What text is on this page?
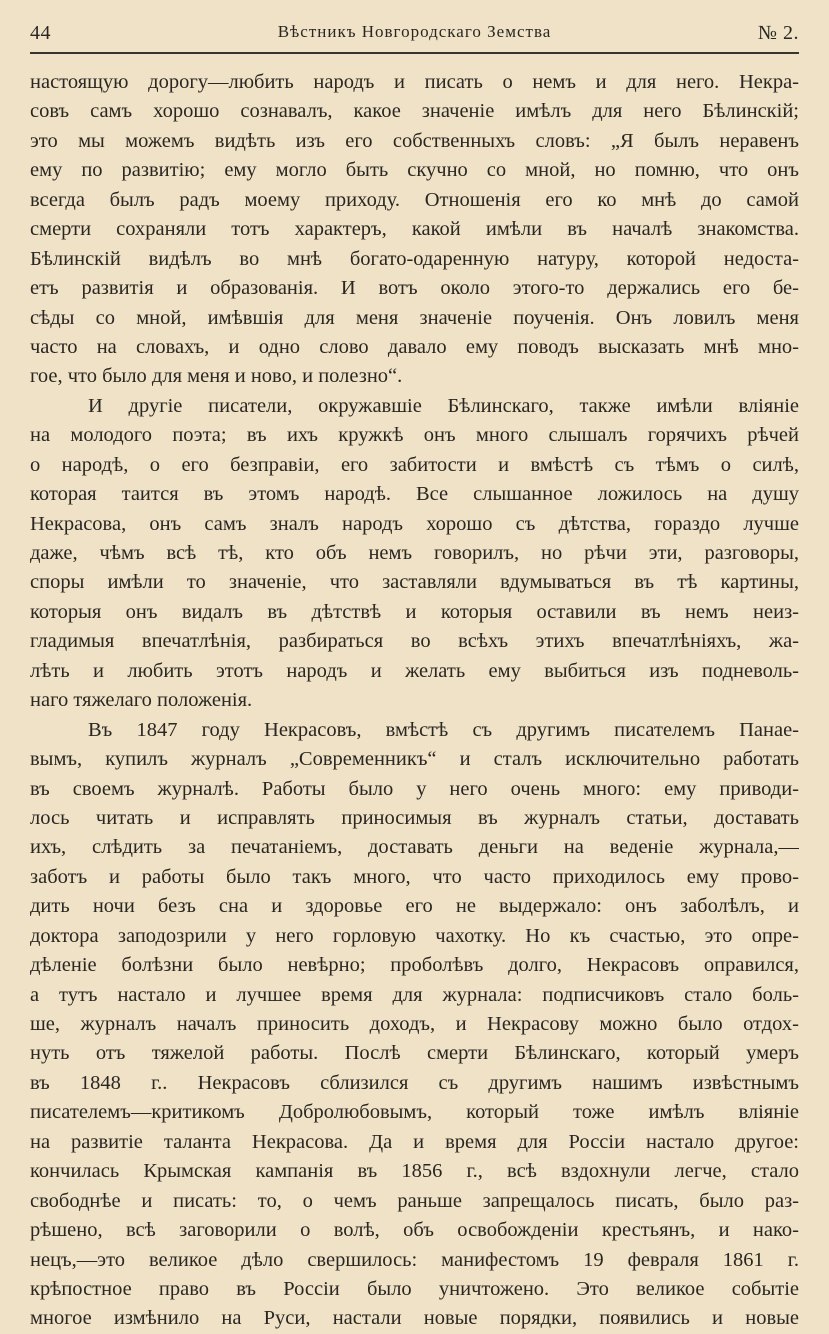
44	Вѣстникъ Новгородскаго Земства	№ 2.
настоящую дорогу—любить народъ и писать о немъ и для него. Некра-
совъ самъ хорошо сознавалъ, какое значеніе имѣлъ для него Бѣлинскій;
это мы можемъ видѣть изъ его собственныхъ словъ: „Я былъ неравенъ
ему по развитію; ему могло быть скучно со мной, но помню, что онъ
всегда былъ радъ моему приходу. Отношенія его ко мнѣ до самой
смерти сохраняли тотъ характеръ, какой имѣли въ началѣ знакомства.
Бѣлинскій видѣлъ во мнѣ богато-одаренную натуру, которой недоста-
етъ развитія и образованія. И вотъ около этого-то держались его бе-
сѣды со мной, имѣвшія для меня значеніе поученія. Онъ ловилъ меня
часто на словахъ, и одно слово давало ему поводъ высказать мнѣ мно-
гое, что было для меня и ново, и полезно“.
И другіе писатели, окружавшіе Бѣлинскаго, также имѣли вліяніе
на молодого поэта; въ ихъ кружкѣ онъ много слышалъ горячихъ рѣчей
о народѣ, о его безправіи, его забитости и вмѣстѣ съ тѣмъ о силѣ,
которая таится въ этомъ народѣ. Все слышанное ложилось на душу
Некрасова, онъ самъ зналъ народъ хорошо съ дѣтства, гораздо лучше
даже, чѣмъ всѣ тѣ, кто объ немъ говорилъ, но рѣчи эти, разговоры,
споры имѣли то значеніе, что заставляли вдумываться въ тѣ картины,
которыя онъ видалъ въ дѣтствѣ и которыя оставили въ немъ неиз-
гладимыя впечатлѣнія, разбираться во всѣхъ этихъ впечатлѣніяхъ, жа-
лѣть и любить этотъ народъ и желать ему выбиться изъ подневоль-
наго тяжелаго положенія.
Въ 1847 году Некрасовъ, вмѣстѣ съ другимъ писателемъ Панае-
вымъ, купилъ журналъ „Современникъ“ и сталъ исключительно работать
въ своемъ журналѣ. Работы было у него очень много: ему приводи-
лось читать и исправлять приносимыя въ журналъ статьи, доставать
ихъ, слѣдить за печатаніемъ, доставать деньги на веденіе журнала,—
заботъ и работы было такъ много, что часто приходилось ему прово-
дить ночи безъ сна и здоровье его не выдержало: онъ заболѣлъ, и
доктора заподозрили у него горловую чахотку. Но къ счастью, это опре-
дѣленіе болѣзни было невѣрно; проболѣвъ долго, Некрасовъ оправился,
а тутъ настало и лучшее время для журнала: подписчиковъ стало боль-
ше, журналъ началъ приносить доходъ, и Некрасову можно было отдох-
нуть отъ тяжелой работы. Послѣ смерти Бѣлинскаго, который умеръ
въ 1848 г.. Некрасовъ сблизился съ другимъ нашимъ извѣстнымъ
писателемъ—критикомъ Добролюбовымъ, который тоже имѣлъ вліяніе
на развитіе таланта Некрасова. Да и время для Россіи настало другое:
кончилась Крымская кампанія въ 1856 г., всѣ вздохнули легче, стало
свободнѣе и писать: то, о чемъ раньше запрещалось писать, было раз-
рѣшено, всѣ заговорили о волѣ, объ освобожденіи крестьянъ, и нако-
нецъ,—это великое дѣло свершилось: манифестомъ 19 февраля 1861 г.
крѣпостное право въ Россіи было уничтожено. Это великое событіе
многое измѣнило на Руси, настали новые порядки, появились и новые
